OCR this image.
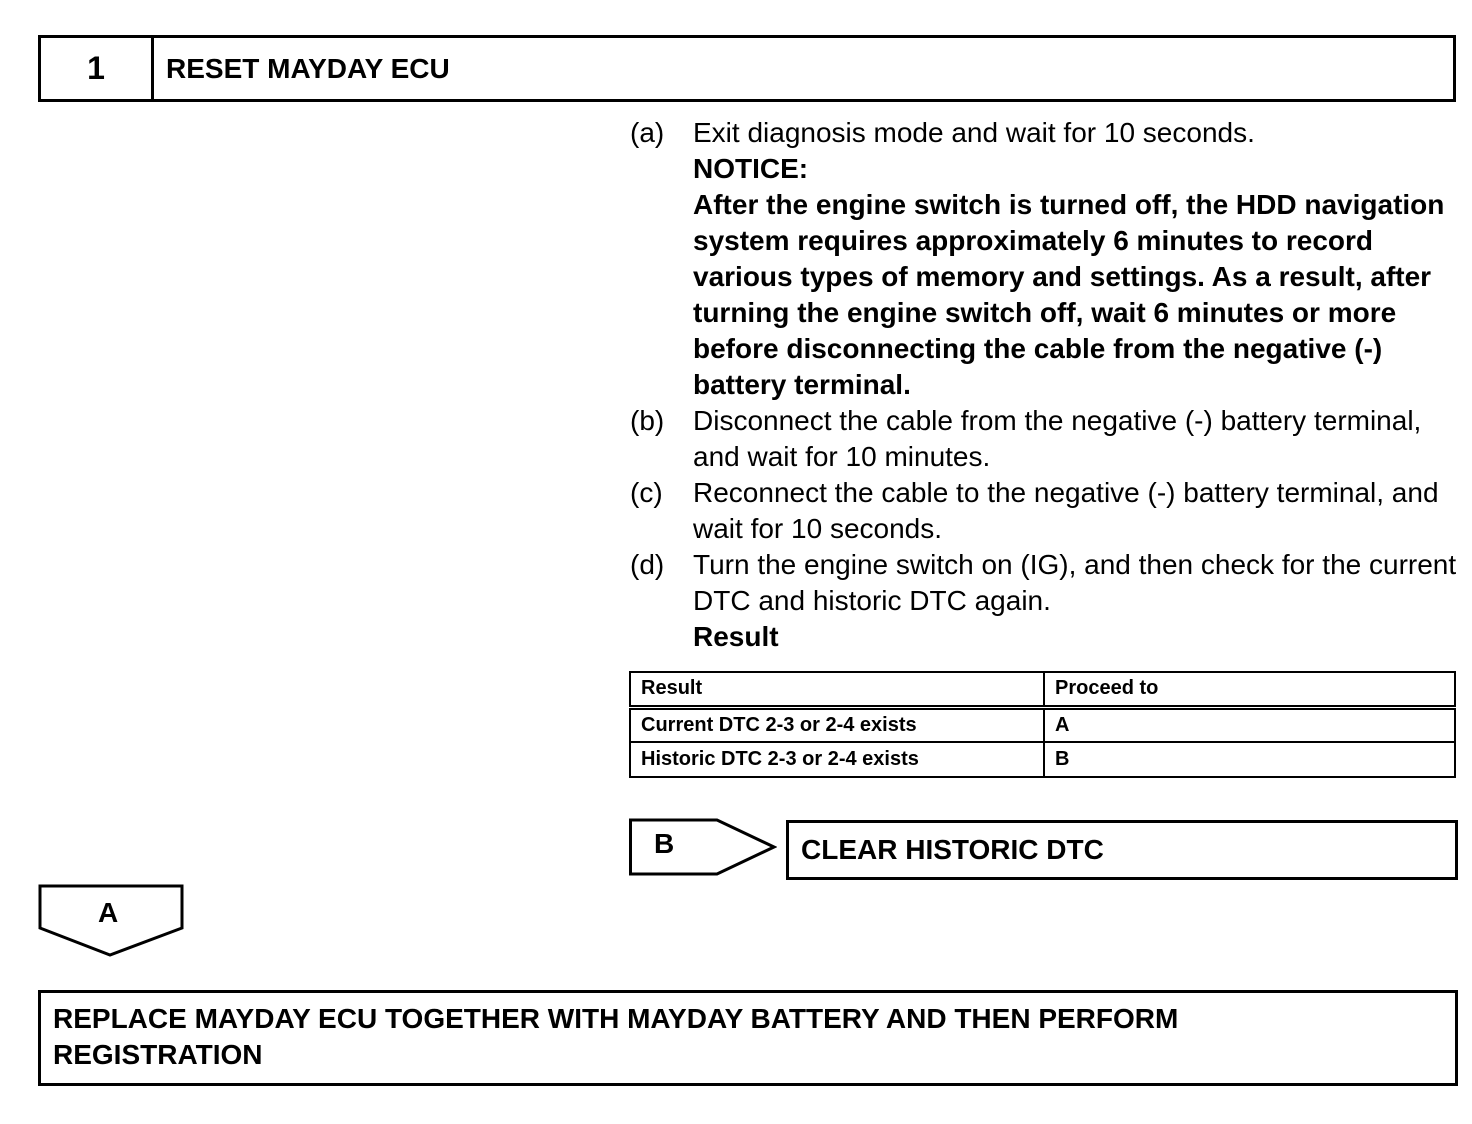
1	RESET MAYDAY ECU
(a)	Exit diagnosis mode and wait for 10 seconds.
NOTICE:
After the engine switch is turned off, the HDD navigation system requires approximately 6 minutes to record various types of memory and settings. As a result, after turning the engine switch off, wait 6 minutes or more before disconnecting the cable from the negative (-) battery terminal.
(b)	Disconnect the cable from the negative (-) battery terminal, and wait for 10 minutes.
(c)	Reconnect the cable to the negative (-) battery terminal, and wait for 10 seconds.
(d)	Turn the engine switch on (IG), and then check for the current DTC and historic DTC again.
Result
Result	Proceed to
Current DTC 2-3 or 2-4 exists	A
Historic DTC 2-3 or 2-4 exists	B
B	CLEAR HISTORIC DTC
A
REPLACE MAYDAY ECU TOGETHER WITH MAYDAY BATTERY AND THEN PERFORM
REGISTRATION
